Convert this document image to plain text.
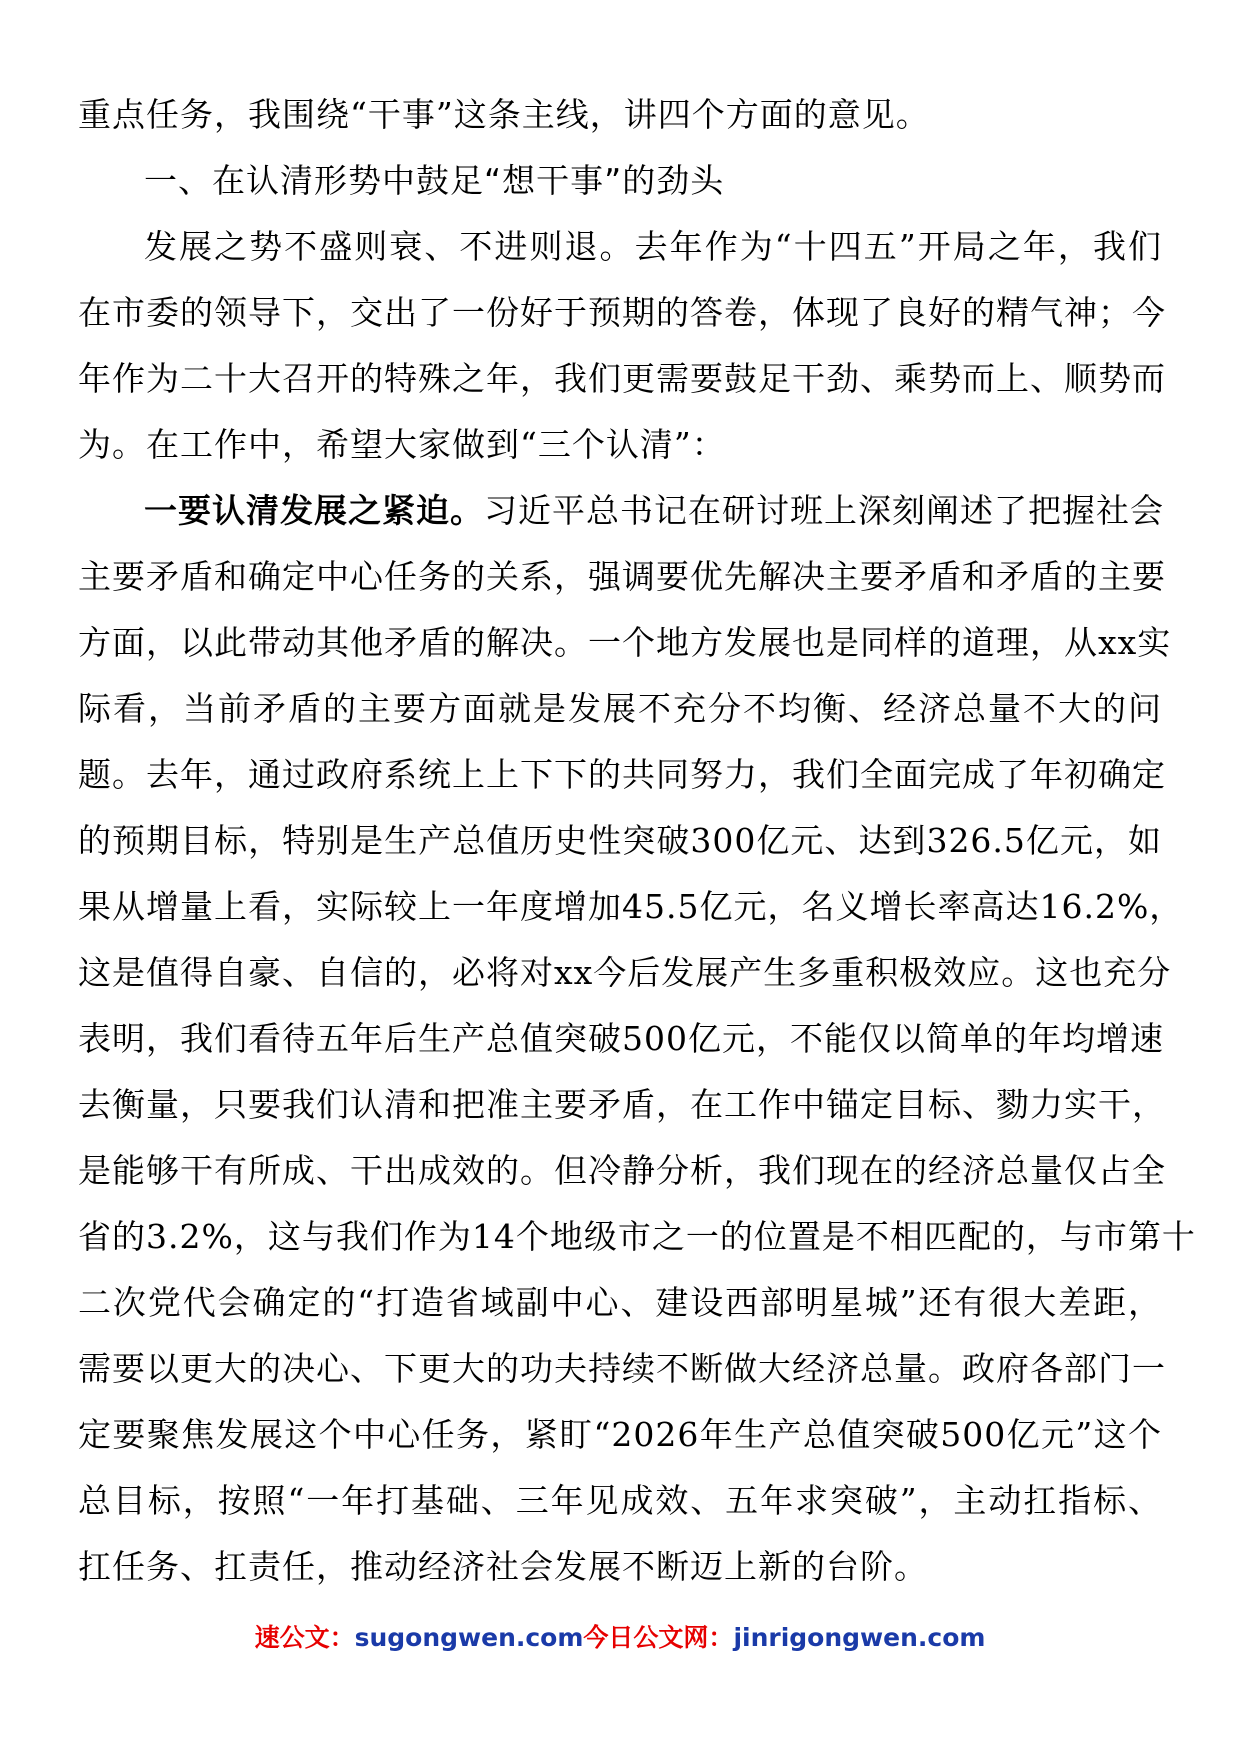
重点任务，我围绕“干事”这条主线，讲四个方面的意见。
一、在认清形势中鼓足“想干事”的劲头
发展之势不盛则衰、不进则退。去年作为“十四五”开局之年，我们
在市委的领导下，交出了一份好于预期的答卷，体现了良好的精气神；今
年作为二十大召开的特殊之年，我们更需要鼓足干劲、乘势而上、顺势而
为。在工作中，希望大家做到“三个认清”：
一要认清发展之紧迫。习近平总书记在研讨班上深刻阐述了把握社会
主要矛盾和确定中心任务的关系，强调要优先解决主要矛盾和矛盾的主要
方面，以此带动其他矛盾的解决。一个地方发展也是同样的道理，从xx实
际看，当前矛盾的主要方面就是发展不充分不均衡、经济总量不大的问
题。去年，通过政府系统上上下下的共同努力，我们全面完成了年初确定
的预期目标，特别是生产总值历史性突破300亿元、达到326.5亿元，如
果从增量上看，实际较上一年度增加45.5亿元，名义增长率高达16.2%，
这是值得自豪、自信的，必将对xx今后发展产生多重积极效应。这也充分
表明，我们看待五年后生产总值突破500亿元，不能仅以简单的年均增速
去衡量，只要我们认清和把准主要矛盾，在工作中锚定目标、勠力实干，
是能够干有所成、干出成效的。但冷静分析，我们现在的经济总量仅占全
省的3.2%，这与我们作为14个地级市之一的位置是不相匹配的，与市第十
二次党代会确定的“打造省域副中心、建设西部明星城”还有很大差距，
需要以更大的决心、下更大的功夫持续不断做大经济总量。政府各部门一
定要聚焦发展这个中心任务，紧盯“2026年生产总值突破500亿元”这个
总目标，按照“一年打基础、三年见成效、五年求突破”，主动扛指标、
扛任务、扛责任，推动经济社会发展不断迈上新的台阶。
速公文：sugongwen.com今日公文网：jinrigongwen.com
